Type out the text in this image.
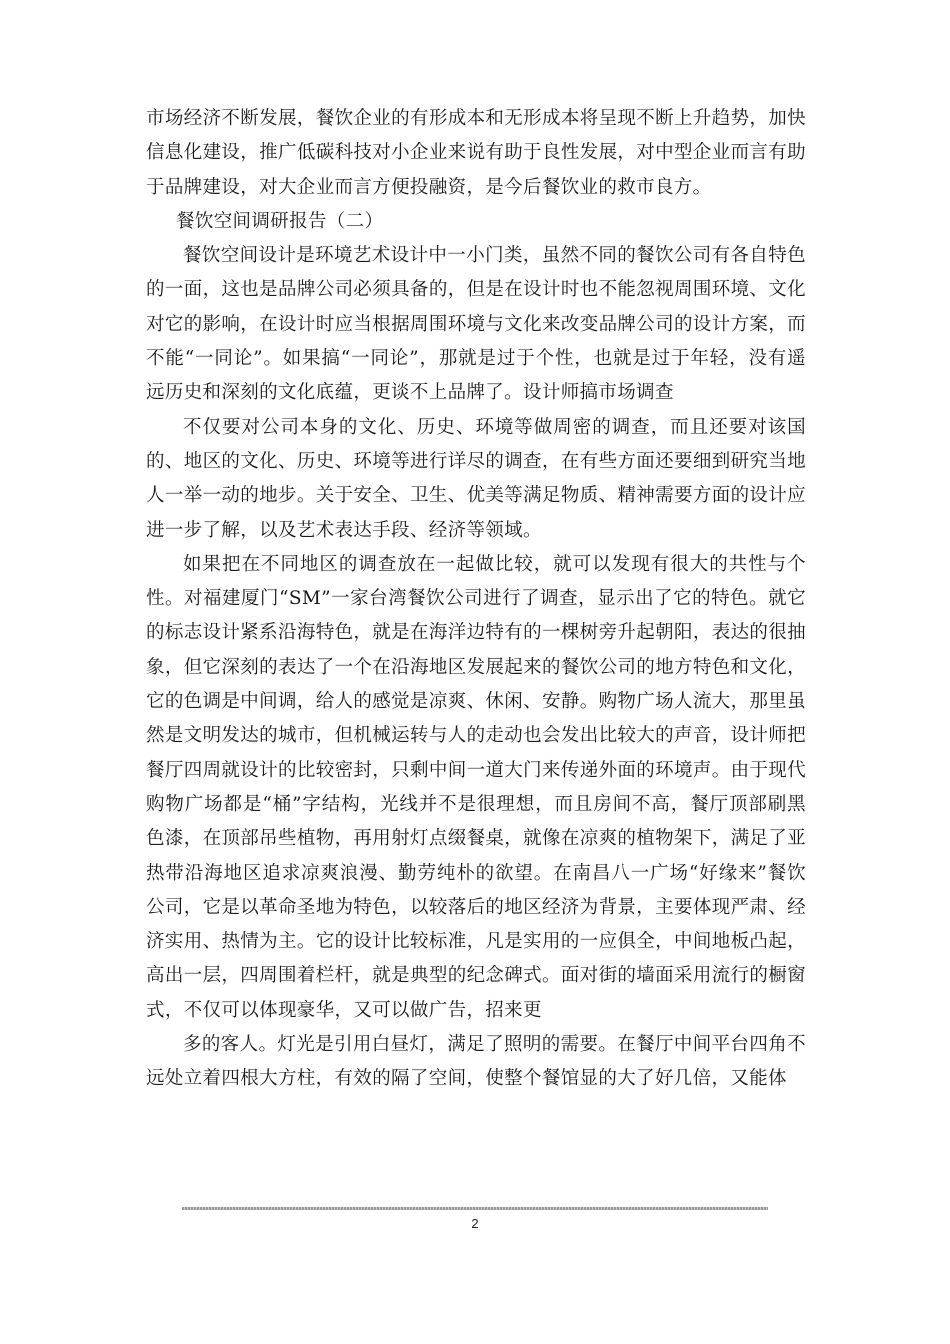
市场经济不断发展，餐饮企业的有形成本和无形成本将呈现不断上升趋势，加快信息化建设，推广低碳科技对小企业来说有助于良性发展，对中型企业而言有助于品牌建设，对大企业而言方便投融资，是今后餐饮业的救市良方。

餐饮空间调研报告（二）

餐饮空间设计是环境艺术设计中一小门类，虽然不同的餐饮公司有各自特色的一面，这也是品牌公司必须具备的，但是在设计时也不能忽视周围环境、文化对它的影响，在设计时应当根据周围环境与文化来改变品牌公司的设计方案，而不能“一同论”。如果搞“一同论”，那就是过于个性，也就是过于年轻，没有遥远历史和深刻的文化底蕴，更谈不上品牌了。设计师搞市场调查

不仅要对公司本身的文化、历史、环境等做周密的调查，而且还要对该国的、地区的文化、历史、环境等进行详尽的调查，在有些方面还要细到研究当地人一举一动的地步。关于安全、卫生、优美等满足物质、精神需要方面的设计应进一步了解，以及艺术表达手段、经济等领域。

如果把在不同地区的调查放在一起做比较，就可以发现有很大的共性与个性。对福建厦门“SM”一家台湾餐饮公司进行了调查，显示出了它的特色。就它的标志设计紧系沿海特色，就是在海洋边特有的一棵树旁升起朝阳，表达的很抽象，但它深刻的表达了一个在沿海地区发展起来的餐饮公司的地方特色和文化，它的色调是中间调，给人的感觉是凉爽、休闲、安静。购物广场人流大，那里虽然是文明发达的城市，但机械运转与人的走动也会发出比较大的声音，设计师把餐厅四周就设计的比较密封，只剩中间一道大门来传递外面的环境声。由于现代购物广场都是“桶”字结构，光线并不是很理想，而且房间不高，餐厅顶部刷黑色漆，在顶部吊些植物，再用射灯点缀餐桌，就像在凉爽的植物架下，满足了亚热带沿海地区追求凉爽浪漫、勤劳纯朴的欲望。在南昌八一广场“好缘来”餐饮公司，它是以革命圣地为特色，以较落后的地区经济为背景，主要体现严肃、经济实用、热情为主。它的设计比较标准，凡是实用的一应俱全，中间地板凸起，高出一层，四周围着栏杆，就是典型的纪念碑式。面对街的墙面采用流行的橱窗式，不仅可以体现豪华，又可以做广告，招来更

多的客人。灯光是引用白昼灯，满足了照明的需要。在餐厅中间平台四角不远处立着四根大方柱，有效的隔了空间，使整个餐馆显的大了好几倍，又能体

2
